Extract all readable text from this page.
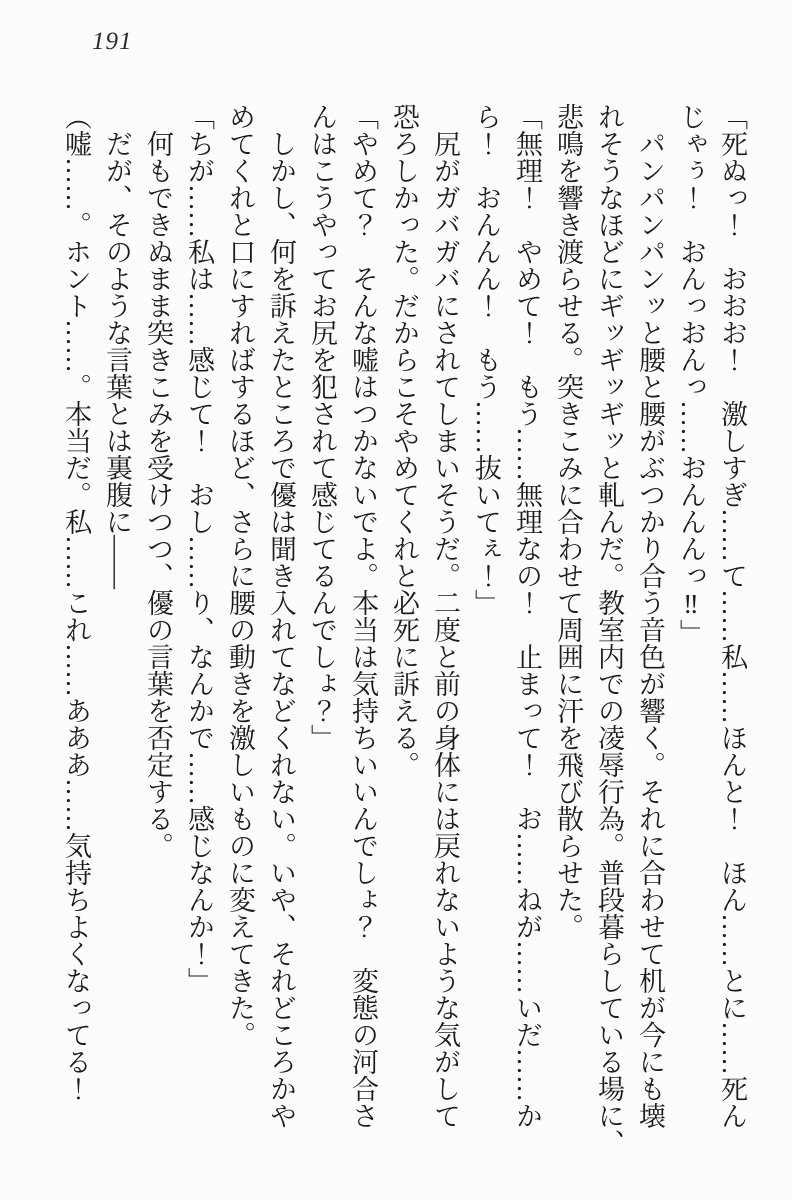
191

「死ぬっ！　おおお！　激しすぎ……て……私……ほんと！　ほん……とに……死ん

じゃぅ！　おんっおんっ……おんんんっ‼」

　パンパンパンッと腰と腰がぶつかり合う音色が響く。それに合わせて机が今にも壊

れそうなほどにギッギッギッと軋んだ。教室内での凌辱行為。普段暮らしている場に、

悲鳴を響き渡らせる。突きこみに合わせて周囲に汗を飛び散らせた。

「無理！　やめて！　もう……無理なの！　止まって！　お……ねが……いだ……か

ら！　おんんん！　もう……抜いてぇ！」

　尻がガバガバにされてしまいそうだ。二度と前の身体には戻れないような気がして

恐ろしかった。だからこそやめてくれと必死に訴える。

「やめて？　そんな嘘はつかないでよ。本当は気持ちいいんでしょ？　変態の河合さ

んはこうやってお尻を犯されて感じてるんでしょ？」

　しかし、何を訴えたところで優は聞き入れてなどくれない。いや、それどころかや

めてくれと口にすればするほど、さらに腰の動きを激しいものに変えてきた。

「ちが……私は……感じて！　おし……り、なんかで……感じなんか！」

　何もできぬまま突きこみを受けつつ、優の言葉を否定する。

　だが、そのような言葉とは裏腹に——

（嘘……。ホント……。本当だ。私……これ……あああ……気持ちよくなってる！
